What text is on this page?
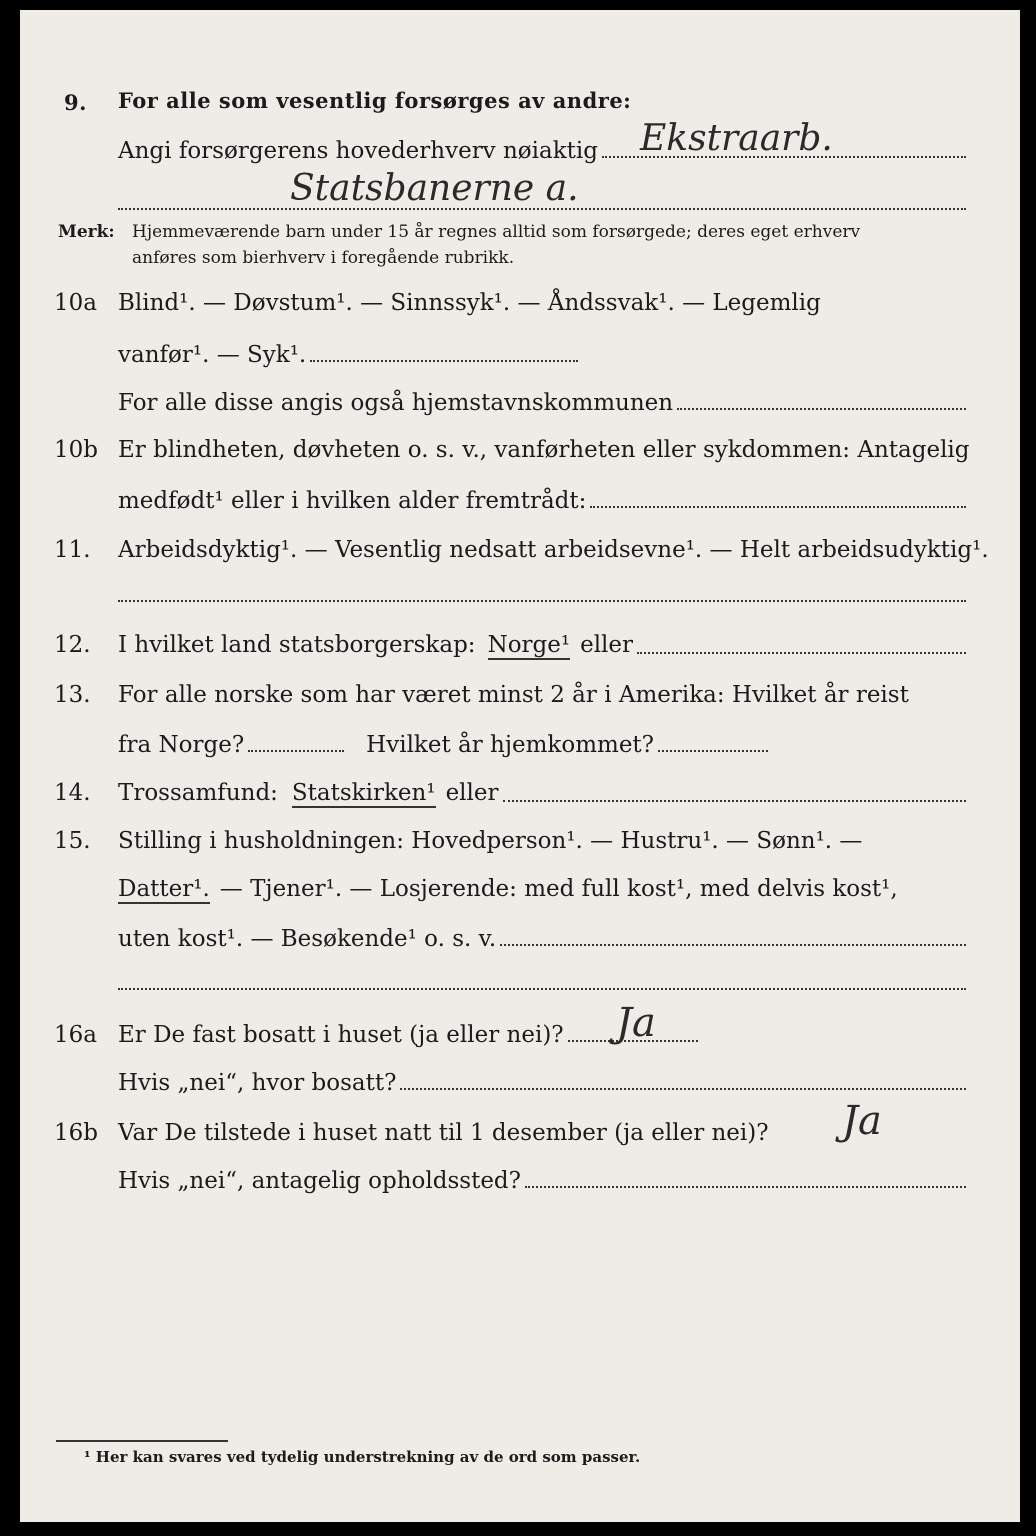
9. For alle som vesentlig forsørges av andre:
Angi forsørgerens hovederhverv nøiaktig Ekstraarb.
Statsbanerne a.
Merk: Hjemmeværende barn under 15 år regnes alltid som forsørgede; deres eget erhverv
anføres som bierhverv i foregående rubrikk.
10a Blind¹. — Døvstum¹. — Sinnssyk¹. — Åndssvak¹. — Legemlig
vanfør¹. — Syk¹.
For alle disse angis også hjemstavnskommunen
10b Er blindheten, døvheten o. s. v., vanførheten eller sykdommen: Antagelig
medfødt¹ eller i hvilken alder fremtrådt:
11. Arbeidsdyktig¹. — Vesentlig nedsatt arbeidsevne¹. — Helt arbeidsudyktig¹.
12. I hvilket land statsborgerskap: Norge¹ eller
13. For alle norske som har været minst 2 år i Amerika: Hvilket år reist
fra Norge?	Hvilket år hjemkommet?
14. Trossamfund: Statskirken¹ eller
15. Stilling i husholdningen: Hovedperson¹. — Hustru¹. — Sønn¹. —
Datter¹. — Tjener¹. — Losjerende: med full kost¹, med delvis kost¹,
uten kost¹. — Besøkende¹ o. s. v.
16a Er De fast bosatt i huset (ja eller nei)? Ja
Hvis „nei“, hvor bosatt?
16b Var De tilstede i huset natt til 1 desember (ja eller nei)? Ja
Hvis „nei“, antagelig opholdssted?
¹ Her kan svares ved tydelig understrekning av de ord som passer.
